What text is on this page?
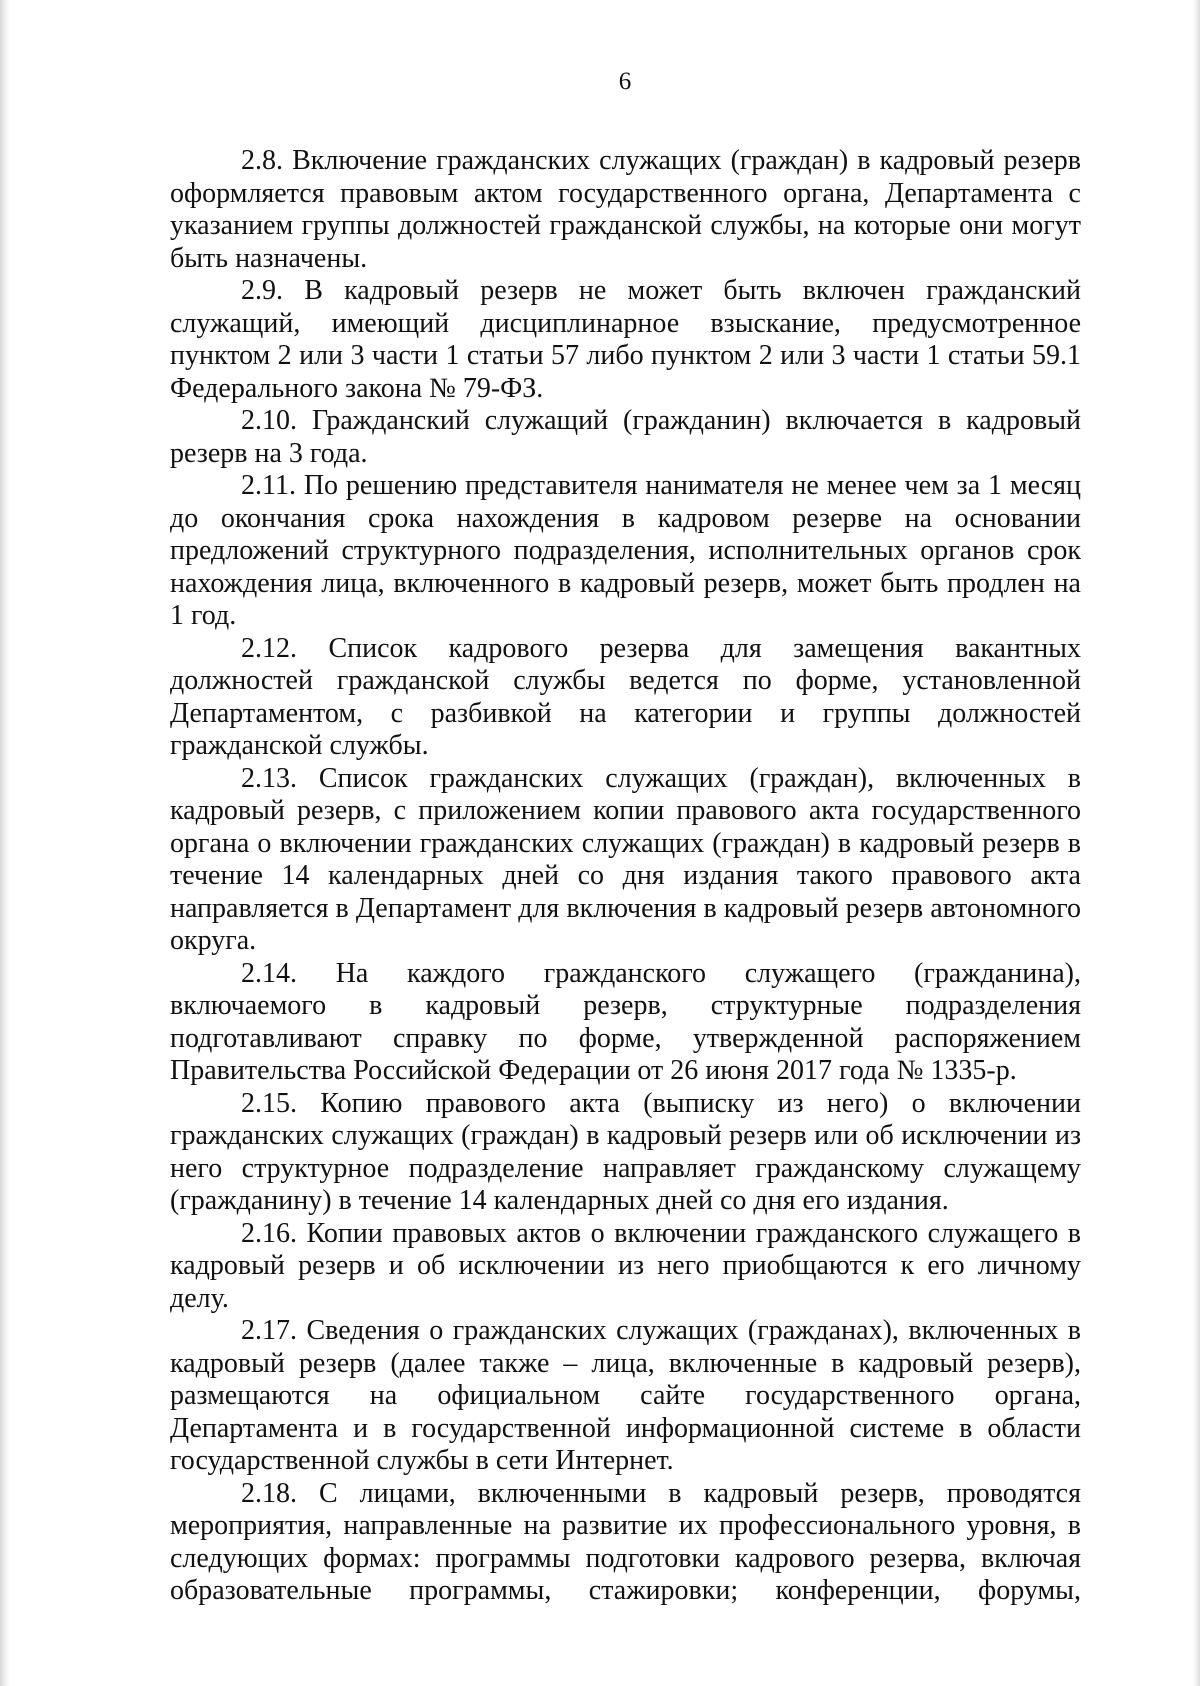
6

2.8. Включение гражданских служащих (граждан) в кадровый резерв оформляется правовым актом государственного органа, Департамента с указанием группы должностей гражданской службы, на которые они могут быть назначены.

2.9. В кадровый резерв не может быть включен гражданский служащий, имеющий дисциплинарное взыскание, предусмотренное пунктом 2 или 3 части 1 статьи 57 либо пунктом 2 или 3 части 1 статьи 59.1 Федерального закона № 79-ФЗ.

2.10. Гражданский служащий (гражданин) включается в кадровый резерв на 3 года.

2.11. По решению представителя нанимателя не менее чем за 1 месяц до окончания срока нахождения в кадровом резерве на основании предложений структурного подразделения, исполнительных органов срок нахождения лица, включенного в кадровый резерв, может быть продлен на 1 год.

2.12. Список кадрового резерва для замещения вакантных должностей гражданской службы ведется по форме, установленной Департаментом, с разбивкой на категории и группы должностей гражданской службы.

2.13. Список гражданских служащих (граждан), включенных в кадровый резерв, с приложением копии правового акта государственного органа о включении гражданских служащих (граждан) в кадровый резерв в течение 14 календарных дней со дня издания такого правового акта направляется в Департамент для включения в кадровый резерв автономного округа.

2.14. На каждого гражданского служащего (гражданина), включаемого в кадровый резерв, структурные подразделения подготавливают справку по форме, утвержденной распоряжением Правительства Российской Федерации от 26 июня 2017 года № 1335-р.

2.15. Копию правового акта (выписку из него) о включении гражданских служащих (граждан) в кадровый резерв или об исключении из него структурное подразделение направляет гражданскому служащему (гражданину) в течение 14 календарных дней со дня его издания.

2.16. Копии правовых актов о включении гражданского служащего в кадровый резерв и об исключении из него приобщаются к его личному делу.

2.17. Сведения о гражданских служащих (гражданах), включенных в кадровый резерв (далее также – лица, включенные в кадровый резерв), размещаются на официальном сайте государственного органа, Департамента и в государственной информационной системе в области государственной службы в сети Интернет.

2.18. С лицами, включенными в кадровый резерв, проводятся мероприятия, направленные на развитие их профессионального уровня, в следующих формах: программы подготовки кадрового резерва, включая образовательные программы, стажировки; конференции, форумы,
